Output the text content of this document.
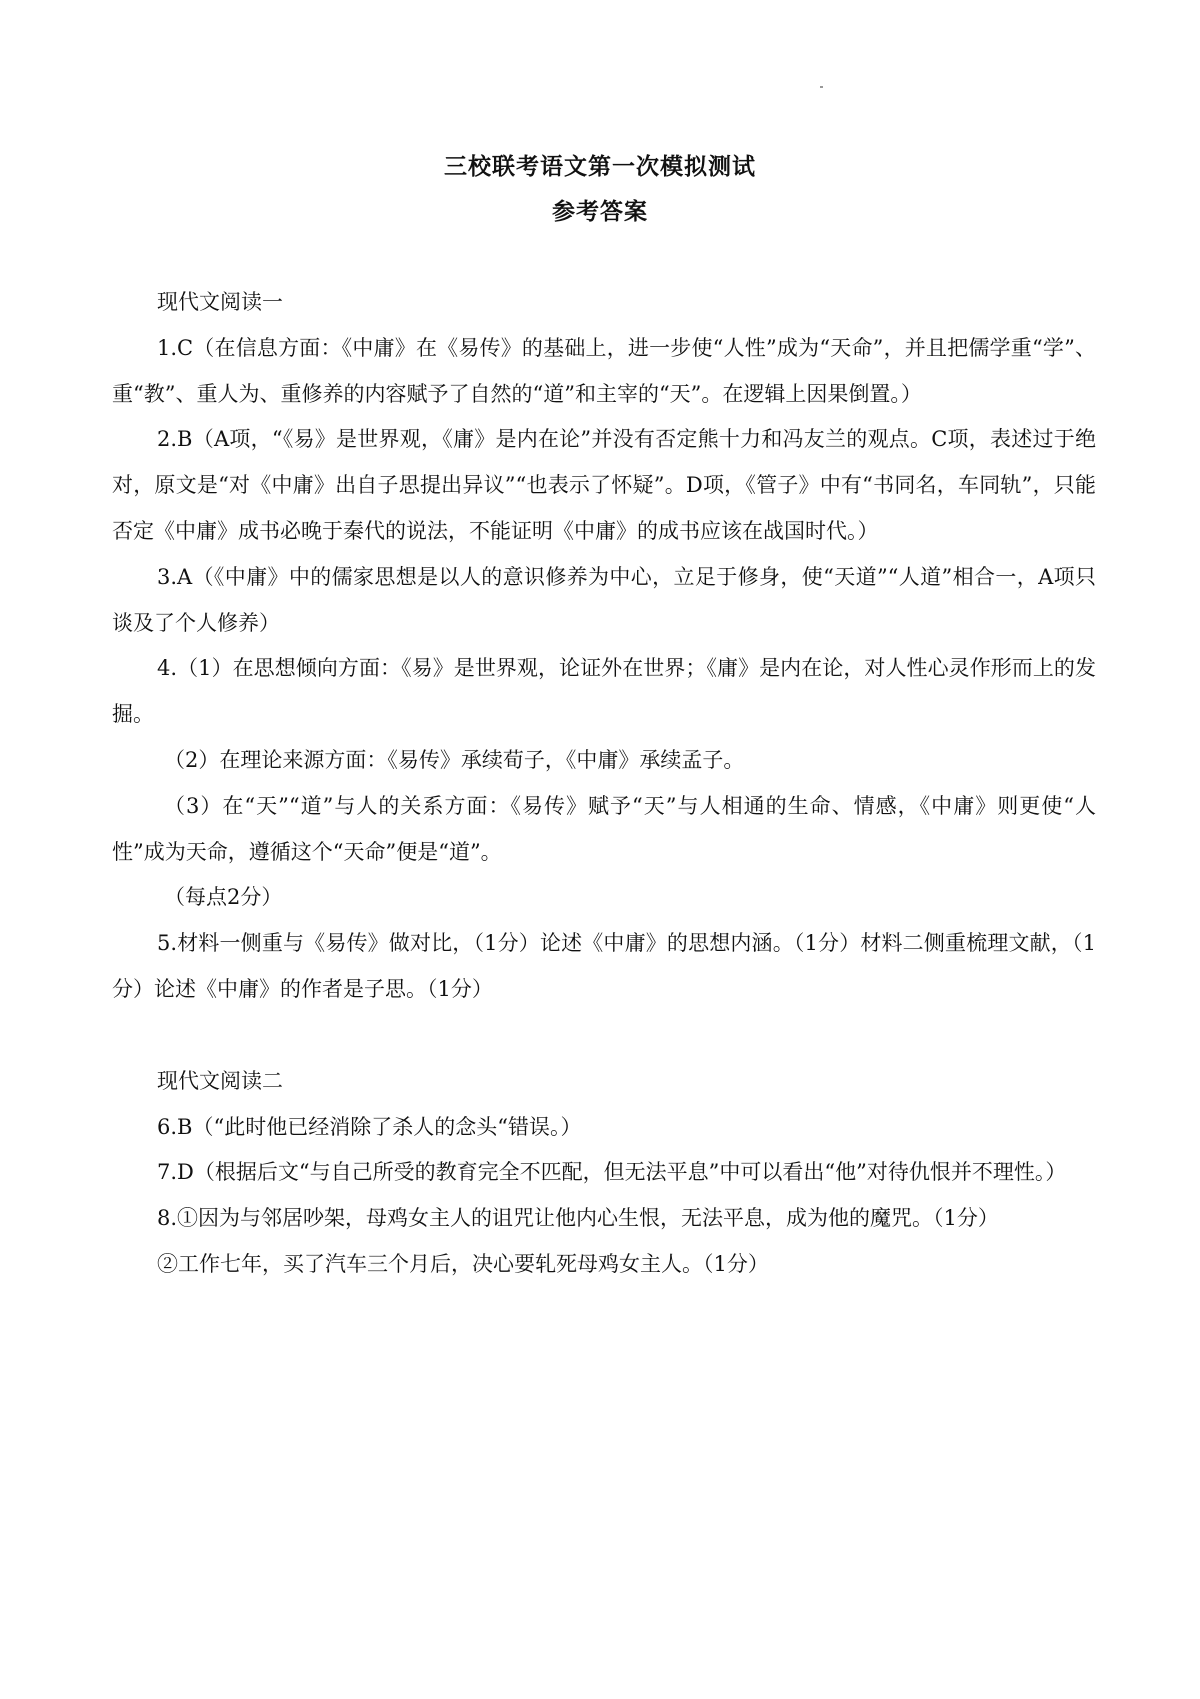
三校联考语文第一次模拟测试
参考答案

现代文阅读一

1.C（在信息方面：《中庸》在《易传》的基础上，进一步使“人性”成为“天命”，并且把儒学重“学”、重“教”、重人为、重修养的内容赋予了自然的“道”和主宰的“天”。在逻辑上因果倒置。）

2.B（A项，“《易》是世界观，《庸》是内在论”并没有否定熊十力和冯友兰的观点。C项，表述过于绝对，原文是“对《中庸》出自子思提出异议”“也表示了怀疑”。D项，《管子》中有“书同名，车同轨”，只能否定《中庸》成书必晚于秦代的说法，不能证明《中庸》的成书应该在战国时代。）

3.A（《中庸》中的儒家思想是以人的意识修养为中心，立足于修身，使“天道”“人道”相合一，A项只谈及了个人修养）

4.（1）在思想倾向方面：《易》是世界观，论证外在世界；《庸》是内在论，对人性心灵作形而上的发掘。

（2）在理论来源方面：《易传》承续荀子，《中庸》承续孟子。

（3）在“天”“道”与人的关系方面：《易传》赋予“天”与人相通的生命、情感，《中庸》则更使“人性”成为天命，遵循这个“天命”便是“道”。

（每点2分）

5.材料一侧重与《易传》做对比，（1分）论述《中庸》的思想内涵。（1分）材料二侧重梳理文献，（1分）论述《中庸》的作者是子思。（1分）

现代文阅读二

6.B（“此时他已经消除了杀人的念头“错误。）

7.D（根据后文“与自己所受的教育完全不匹配，但无法平息”中可以看出“他”对待仇恨并不理性。）

8.①因为与邻居吵架，母鸡女主人的诅咒让他内心生恨，无法平息，成为他的魔咒。（1分）

②工作七年，买了汽车三个月后，决心要轧死母鸡女主人。（1分）
